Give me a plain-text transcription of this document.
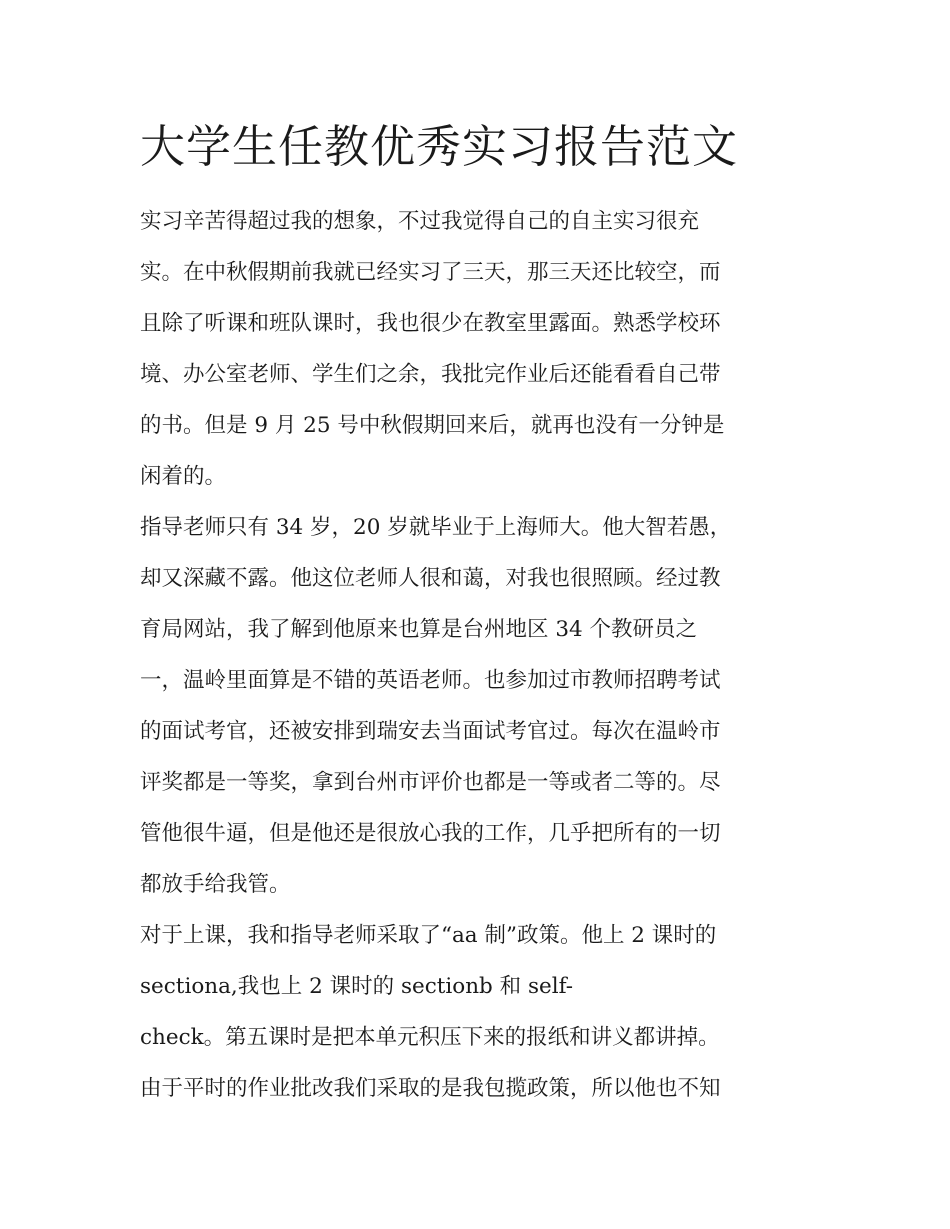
大学生任教优秀实习报告范文

实习辛苦得超过我的想象，不过我觉得自己的自主实习很充

实。在中秋假期前我就已经实习了三天，那三天还比较空，而

且除了听课和班队课时，我也很少在教室里露面。熟悉学校环

境、办公室老师、学生们之余，我批完作业后还能看看自己带

的书。但是 9 月 25 号中秋假期回来后，就再也没有一分钟是

闲着的。

指导老师只有 34 岁，20 岁就毕业于上海师大。他大智若愚，

却又深藏不露。他这位老师人很和蔼，对我也很照顾。经过教

育局网站，我了解到他原来也算是台州地区 34 个教研员之

一，温岭里面算是不错的英语老师。也参加过市教师招聘考试

的面试考官，还被安排到瑞安去当面试考官过。每次在温岭市

评奖都是一等奖，拿到台州市评价也都是一等或者二等的。尽

管他很牛逼，但是他还是很放心我的工作，几乎把所有的一切

都放手给我管。

对于上课，我和指导老师采取了“aa 制”政策。他上 2 课时的

sectiona,我也上 2 课时的 sectionb 和 self-

check。第五课时是把本单元积压下来的报纸和讲义都讲掉。

由于平时的作业批改我们采取的是我包揽政策，所以他也不知
